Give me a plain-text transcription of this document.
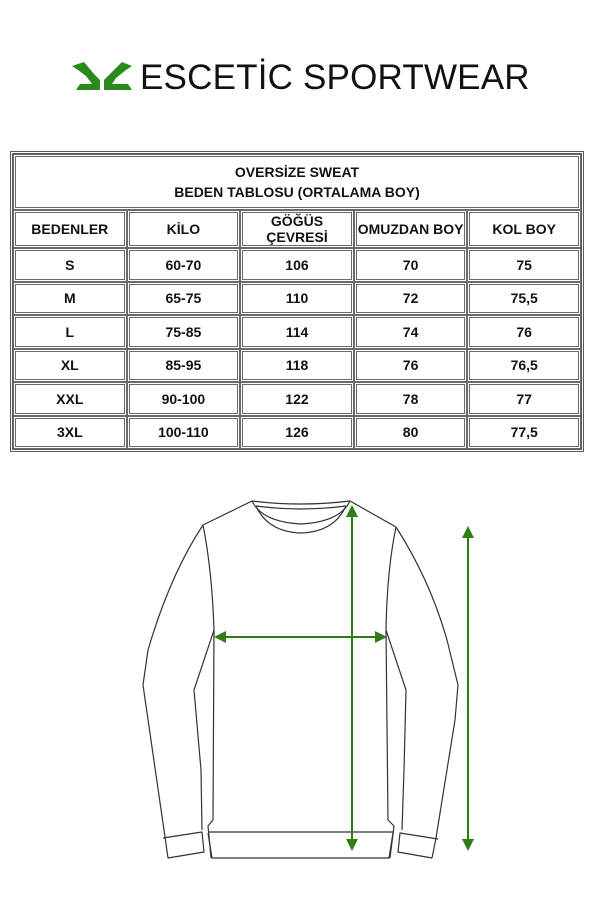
ESCETİC SPORTWEAR
OVERSİZE SWEAT
BEDEN TABLOSU (ORTALAMA BOY)				

BEDENLER	KİLO	GÖĞÜS ÇEVRESİ	OMUZDAN BOY	KOL BOY
S	60-70	106	70	75
M	65-75	110	72	75,5
L	75-85	114	74	76
XL	85-95	118	76	76,5
XXL	90-100	122	78	77
3XL	100-110	126	80	77,5
